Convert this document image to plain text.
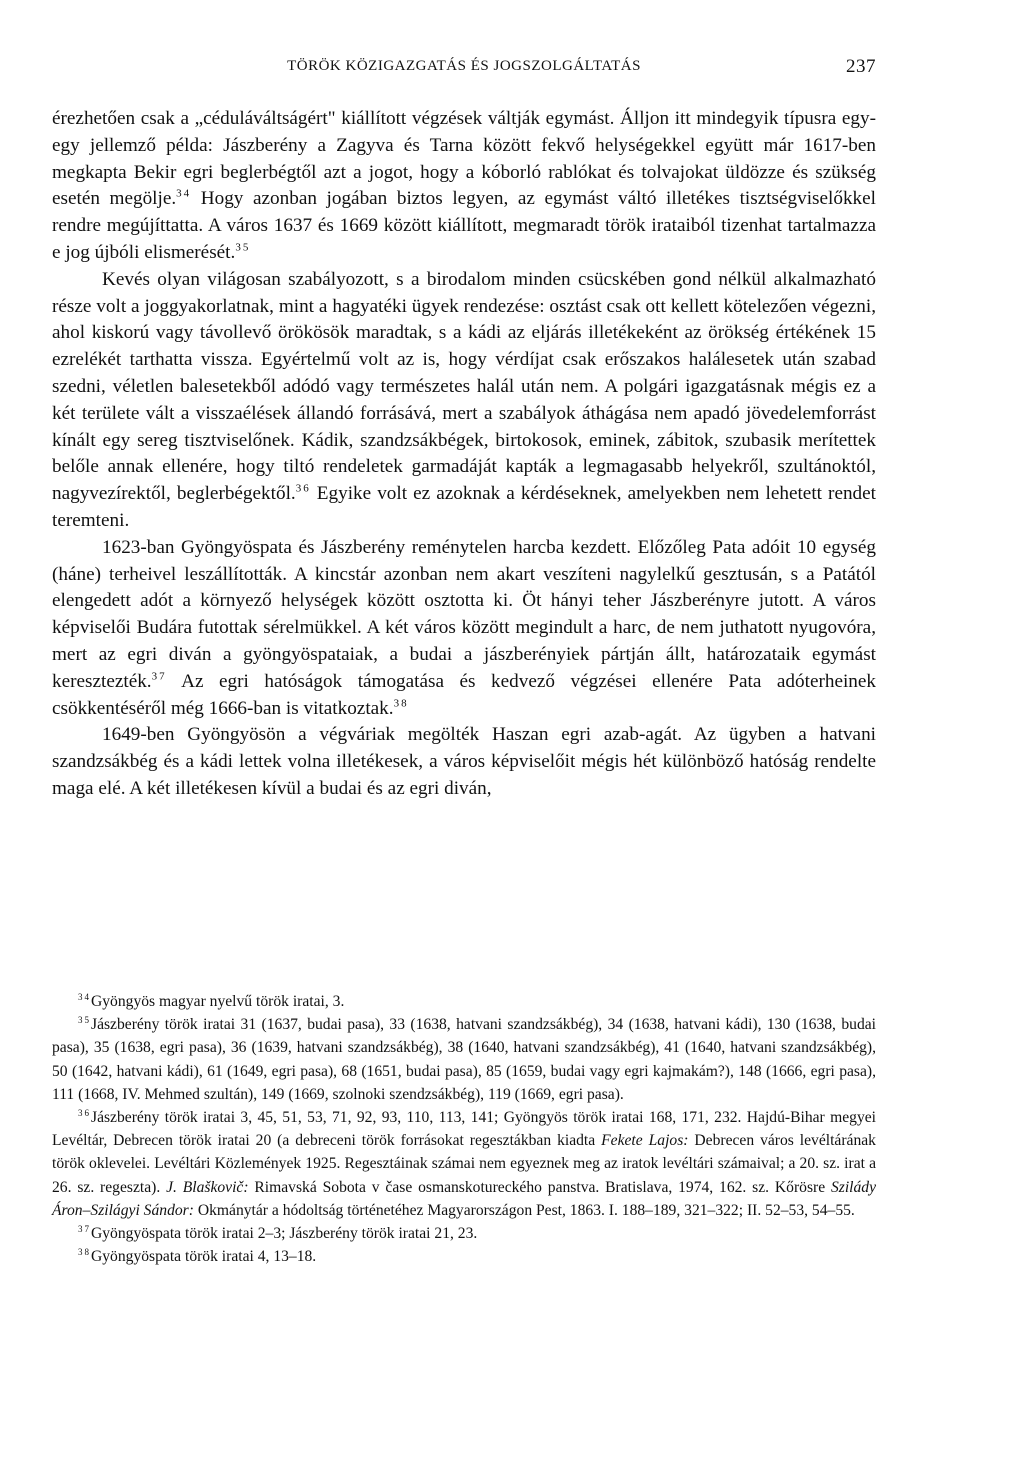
TÖRÖK KÖZIGAZGATÁS ÉS JOGSZOLGÁLTATÁS	237

érezhetően csak a „céduláváltságért" kiállított végzések váltják egymást. Álljon itt mindegyik típusra egy-egy jellemző példa: Jászberény a Zagyva és Tarna között fekvő helységekkel együtt már 1617-ben megkapta Bekir egri beglerbégtől azt a jogot, hogy a kóborló rablókat és tolvajokat üldözze és szükség esetén megölje.$^{34}$ Hogy azonban jogában biztos legyen, az egymást váltó illetékes tisztségviselőkkel rendre megújíttatta. A város 1637 és 1669 között kiállított, megmaradt török irataiból tizenhat tartalmazza e jog újbóli elismerését.$^{35}$

Kevés olyan világosan szabályozott, s a birodalom minden csücskében gond nélkül alkalmazható része volt a joggyakorlatnak, mint a hagyatéki ügyek rendezése: osztást csak ott kellett kötelezően végezni, ahol kiskorú vagy távollevő örökösök maradtak, s a kádi az eljárás illetékeként az örökség értékének 15 ezrelékét tarthatta vissza. Egyértelmű volt az is, hogy vérdíjat csak erőszakos halálesetek után szabad szedni, véletlen balesetekből adódó vagy természetes halál után nem. A polgári igazgatásnak mégis ez a két területe vált a visszaélések állandó forrásává, mert a szabályok áthágása nem apadó jövedelemforrást kínált egy sereg tisztviselőnek. Kádik, szandzsákbégek, birtokosok, eminek, zábitok, szubasik merítettek belőle annak ellenére, hogy tiltó rendeletek garmadáját kapták a legmagasabb helyekről, szultánoktól, nagyvezírektől, beglerbégektől.$^{36}$ Egyike volt ez azoknak a kérdéseknek, amelyekben nem lehetett rendet teremteni.

1623-ban Gyöngyöspata és Jászberény reménytelen harcba kezdett. Előzőleg Pata adóit 10 egység (háne) terheivel leszállították. A kincstár azonban nem akart veszíteni nagylelkű gesztusán, s a Patától elengedett adót a környező helységek között osztotta ki. Öt hányi teher Jászberényre jutott. A város képviselői Budára futottak sérelmükkel. A két város között megindult a harc, de nem juthatott nyugovóra, mert az egri diván a gyöngyöspataiak, a budai a jászberényiek pártján állt, határozataik egymást keresztezték.$^{37}$ Az egri hatóságok támogatása és kedvező végzései ellenére Pata adóterheinek csökkentéséről még 1666-ban is vitatkoztak.$^{38}$

1649-ben Gyöngyösön a végváriak megölték Haszan egri azab-agát. Az ügyben a hatvani szandzsákbég és a kádi lettek volna illetékesek, a város képviselőit mégis hét különböző hatóság rendelte maga elé. A két illetékesen kívül a budai és az egri diván,

$^{34}$Gyöngyös magyar nyelvű török iratai, 3.

$^{35}$Jászberény török iratai 31 (1637, budai pasa), 33 (1638, hatvani szandzsákbég), 34 (1638, hatvani kádi), 130 (1638, budai pasa), 35 (1638, egri pasa), 36 (1639, hatvani szandzsákbég), 38 (1640, hatvani szandzsákbég), 41 (1640, hatvani szandzsákbég), 50 (1642, hatvani kádi), 61 (1649, egri pasa), 68 (1651, budai pasa), 85 (1659, budai vagy egri kajmakám?), 148 (1666, egri pasa), 111 (1668, IV. Mehmed szultán), 149 (1669, szolnoki szendzsákbég), 119 (1669, egri pasa).

$^{36}$Jászberény török iratai 3, 45, 51, 53, 71, 92, 93, 110, 113, 141; Gyöngyös török iratai 168, 171, 232. Hajdú-Bihar megyei Levéltár, Debrecen török iratai 20 (a debreceni török forrásokat regesztákban kiadta Fekete Lajos: Debrecen város levéltárának török oklevelei. Levéltári Közlemények 1925. Regesztáinak számai nem egyeznek meg az iratok levéltári számaival; a 20. sz. irat a 26. sz. regeszta). J. Blaškovič: Rimavská Sobota v čase osmanskotureckého panstva. Bratislava, 1974, 162. sz. Kőrösre Szilády Áron–Szilágyi Sándor: Okmánytár a hódoltság történetéhez Magyarországon Pest, 1863. I. 188–189, 321–322; II. 52–53, 54–55.

$^{37}$Gyöngyöspata török iratai 2–3; Jászberény török iratai 21, 23.

$^{38}$Gyöngyöspata török iratai 4, 13–18.
